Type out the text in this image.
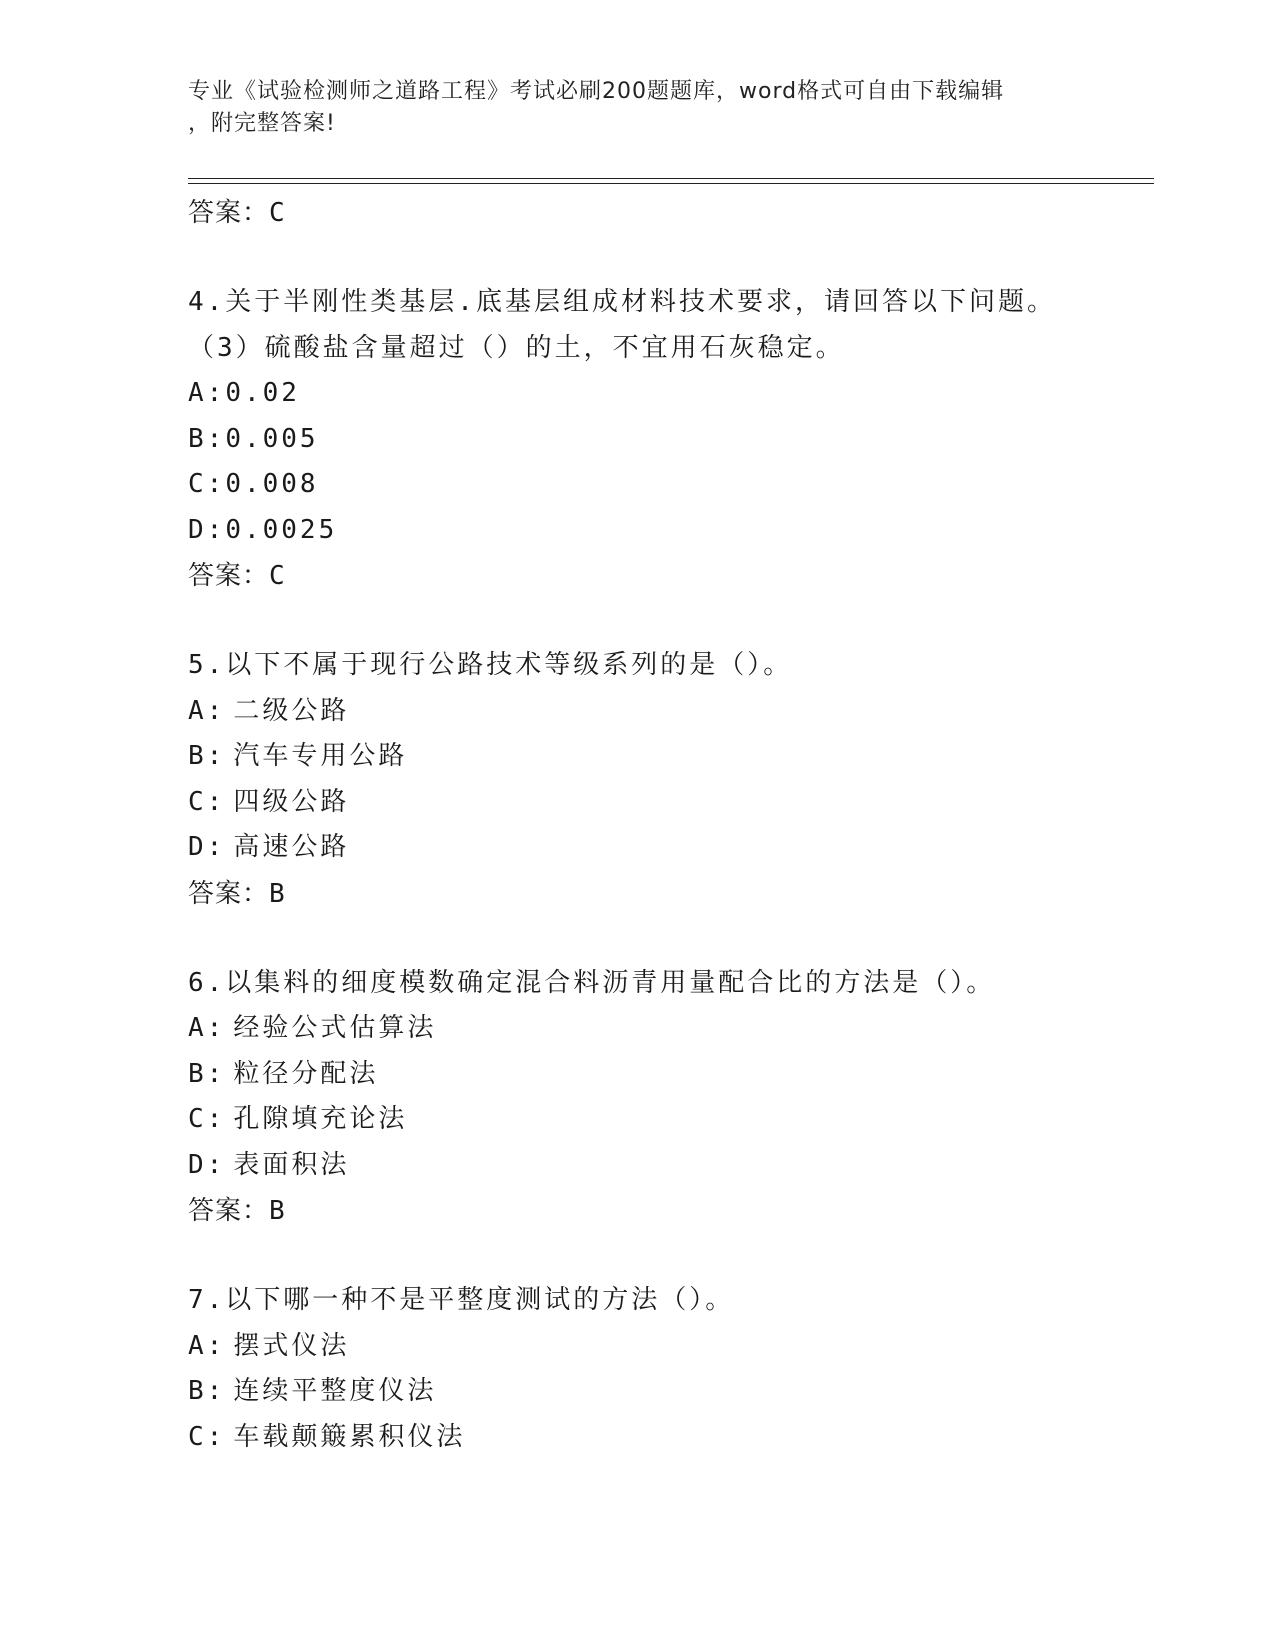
专业《试验检测师之道路工程》考试必刷200题题库，word格式可自由下载编辑
，附完整答案!
答案：C
4.关于半刚性类基层.底基层组成材料技术要求，请回答以下问题。
（3）硫酸盐含量超过（）的土，不宜用石灰稳定。
A:0.02
B:0.005
C:0.008
D:0.0025
答案：C
5.以下不属于现行公路技术等级系列的是（）。
A: 二级公路
B: 汽车专用公路
C: 四级公路
D: 高速公路
答案：B
6.以集料的细度模数确定混合料沥青用量配合比的方法是（）。
A: 经验公式估算法
B: 粒径分配法
C: 孔隙填充论法
D: 表面积法
答案：B
7.以下哪一种不是平整度测试的方法（）。
A: 摆式仪法
B: 连续平整度仪法
C: 车载颠簸累积仪法
